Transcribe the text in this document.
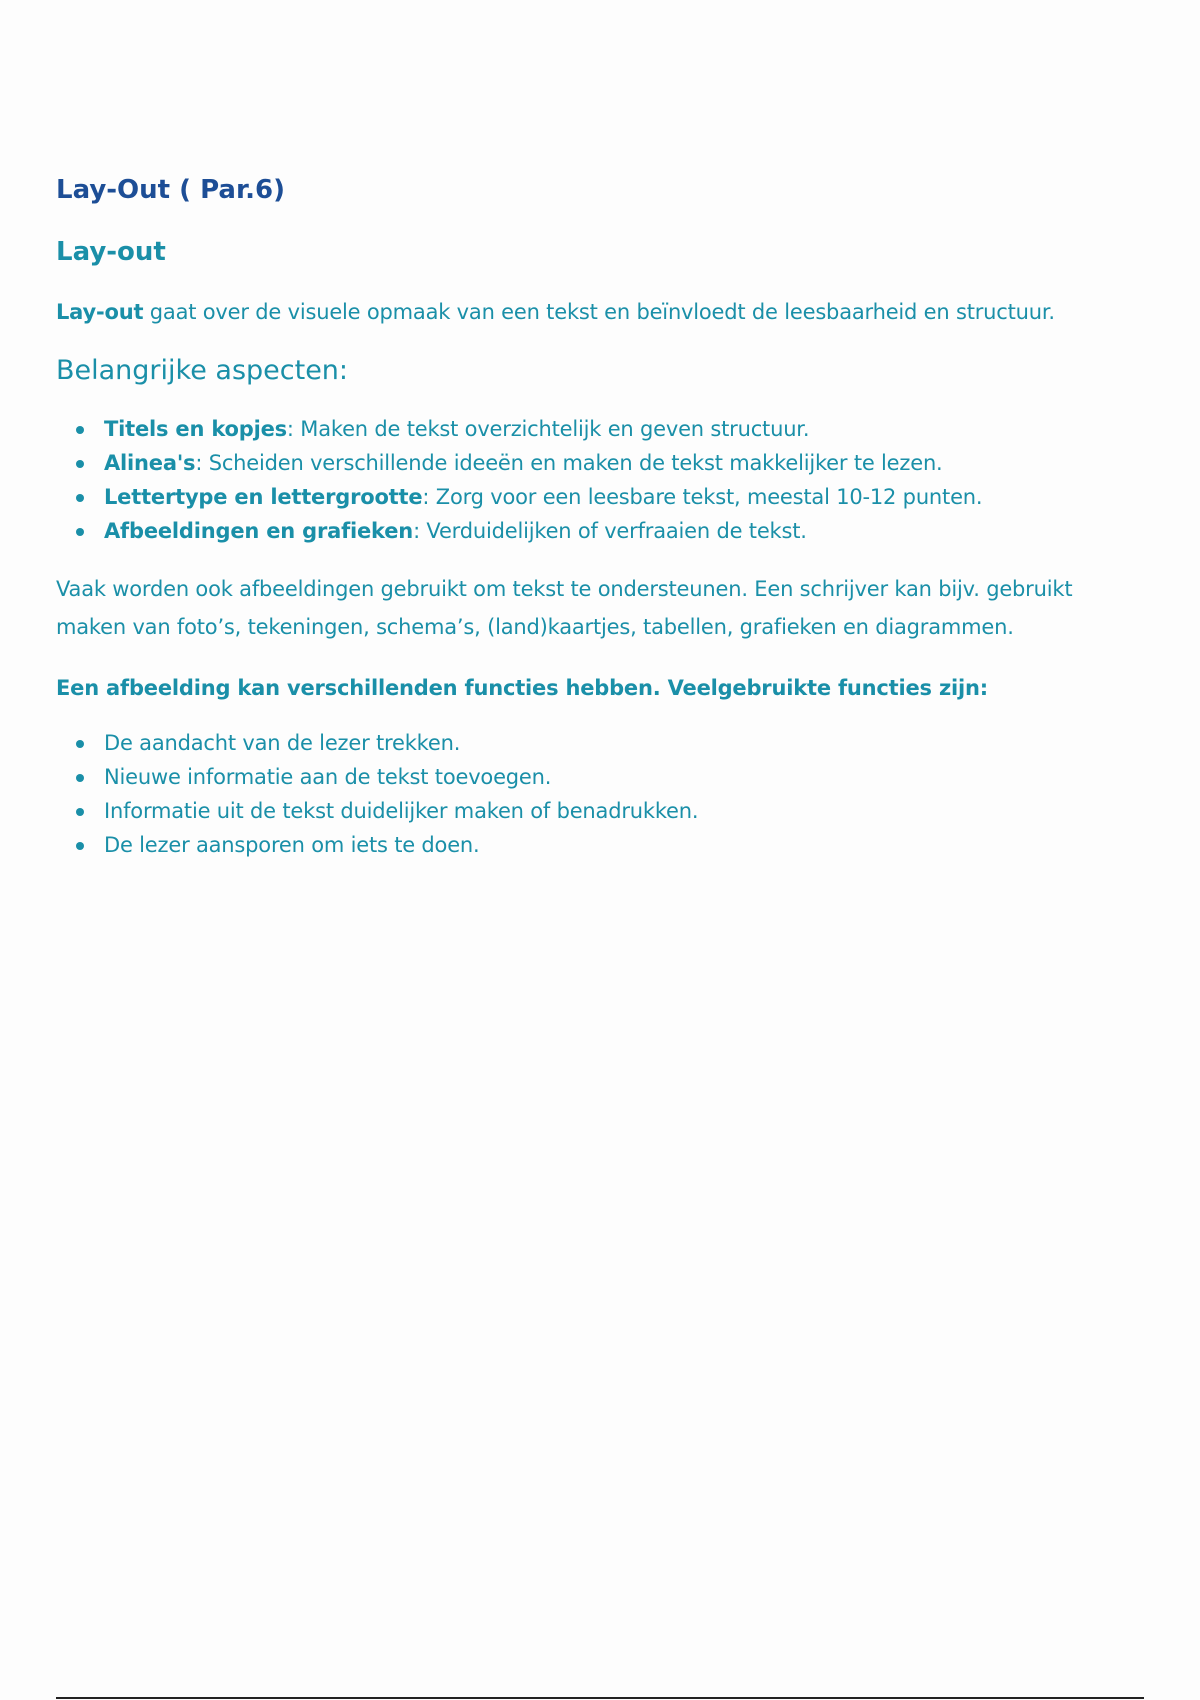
Lay-Out ( Par.6)
Lay-out

Lay-out gaat over de visuele opmaak van een tekst en beïnvloedt de leesbaarheid en structuur.

Belangrijke aspecten:
Titels en kopjes: Maken de tekst overzichtelijk en geven structuur.
Alinea's: Scheiden verschillende ideeën en maken de tekst makkelijker te lezen.
Lettertype en lettergrootte: Zorg voor een leesbare tekst, meestal 10-12 punten.
Afbeeldingen en grafieken: Verduidelijken of verfraaien de tekst.

Vaak worden ook afbeeldingen gebruikt om tekst te ondersteunen. Een schrijver kan bijv. gebruikt maken van foto’s, tekeningen, schema’s, (land)kaartjes, tabellen, grafieken en diagrammen.

Een afbeelding kan verschillenden functies hebben. Veelgebruikte functies zijn:

De aandacht van de lezer trekken.
Nieuwe informatie aan de tekst toevoegen.
Informatie uit de tekst duidelijker maken of benadrukken.
De lezer aansporen om iets te doen.
